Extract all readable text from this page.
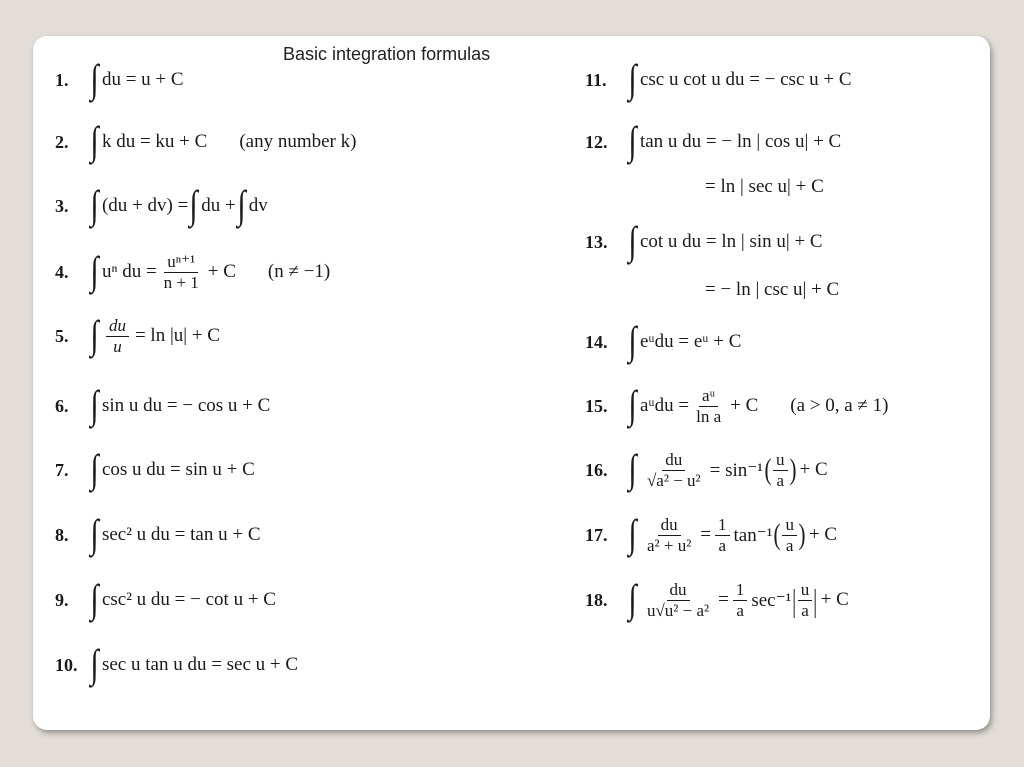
Basic integration formulas
1. ∫ du = u + C
2. ∫ k du = ku + C (any number k)
3. ∫ (du + dv) = ∫ du + ∫ dv
4. ∫ uⁿ du = $\frac{\text{uⁿ⁺¹}}{n + 1} + C$ (n ≠ −1)
5. ∫ $\frac{du}{u} = \ln |u| + C$
6. ∫ sin u du = − cos u + C
7. ∫ cos u du = sin u + C
8. ∫ sec² u du = tan u + C
9. ∫ csc² u du = − cot u + C
10. ∫ sec u tan u du = sec u + C
11. ∫ csc u cot u du = − csc u + C
12. ∫ tan u du = − ln | cos u| + C
= ln | sec u| + C
13. ∫ cot u du = ln | sin u| + C
= − ln | csc u| + C
14. ∫ eᵘdu = eᵘ + C
15. ∫ aᵘdu = $\frac{\text{aᵘ}}{\text{ln a}} + C$ (a > 0, a ≠ 1)
16. ∫ $\frac{du}{\text{√a² − u²}} = \sin^{-1}$ ( $\frac{u}{a}$ ) + C
17. ∫ $\frac{du}{\text{a² + u²}} = \frac{1}{a} \tan^{-1}$ ( $\frac{u}{a}$ ) + C
18. ∫ $\frac{du}{\text{u√u² − a²}} = \frac{1}{a} \sec^{-1}$ | $\frac{u}{a}$ | + C
